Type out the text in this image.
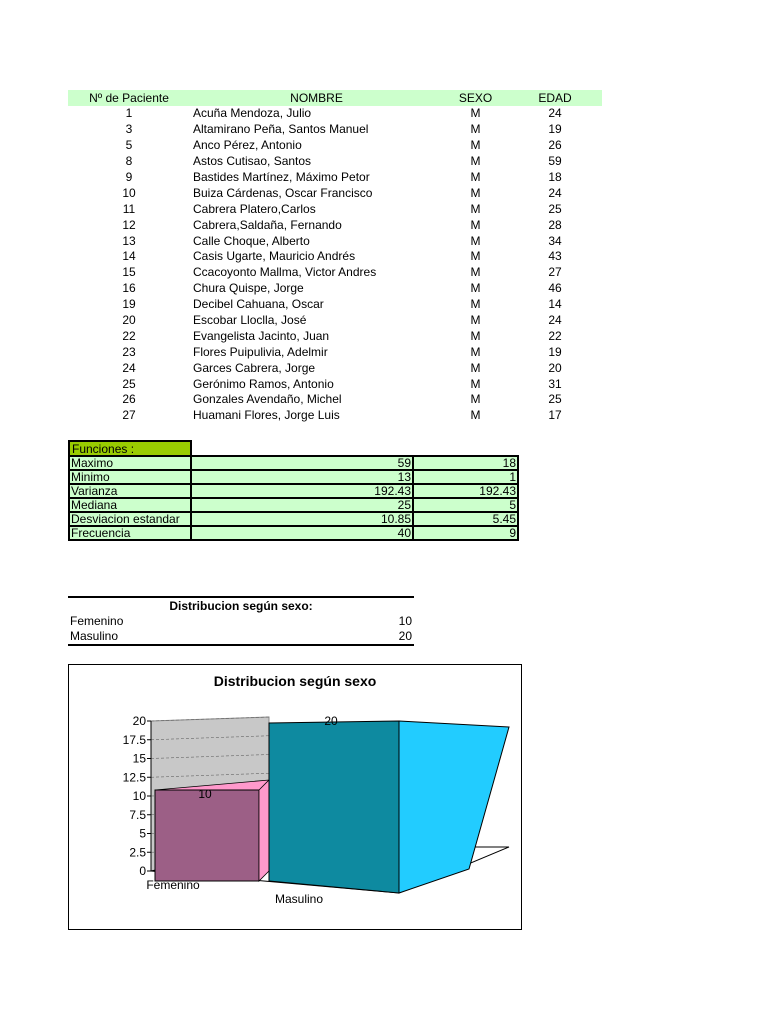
Nº de Paciente	NOMBRE	SEXO	EDAD
1	Acuña Mendoza, Julio	M	24
3	Altamirano Peña, Santos Manuel	M	19
5	Anco Pérez, Antonio	M	26
8	Astos Cutisao, Santos	M	59
9	Bastides Martínez, Máximo Petor	M	18
10	Buiza Cárdenas, Oscar Francisco	M	24
11	Cabrera Platero,Carlos	M	25
12	Cabrera,Saldaña, Fernando	M	28
13	Calle Choque, Alberto	M	34
14	Casis Ugarte, Mauricio Andrés	M	43
15	Ccacoyonto Mallma, Victor Andres	M	27
16	Chura Quispe, Jorge	M	46
19	Decibel Cahuana, Oscar	M	14
20	Escobar Lloclla, José	M	24
22	Evangelista Jacinto, Juan	M	22
23	Flores Puipulivia, Adelmir	M	19
24	Garces Cabrera, Jorge	M	20
25	Gerónimo Ramos, Antonio	M	31
26	Gonzales Avendaño, Michel	M	25
27	Huamani Flores, Jorge Luis	M	17
Funciones :
Maximo	59	18
Minimo	13	1
Varianza	192.43	192.43
Mediana	25	5
Desviacion estandar	10.85	5.45
Frecuencia	40	9
Distribucion según sexo:
Femenino	10
Masulino	20
Distribucion según sexo
0
2.5
5
7.5
10
12.5
15
17.5
20
10
20
Femenino
Masulino
